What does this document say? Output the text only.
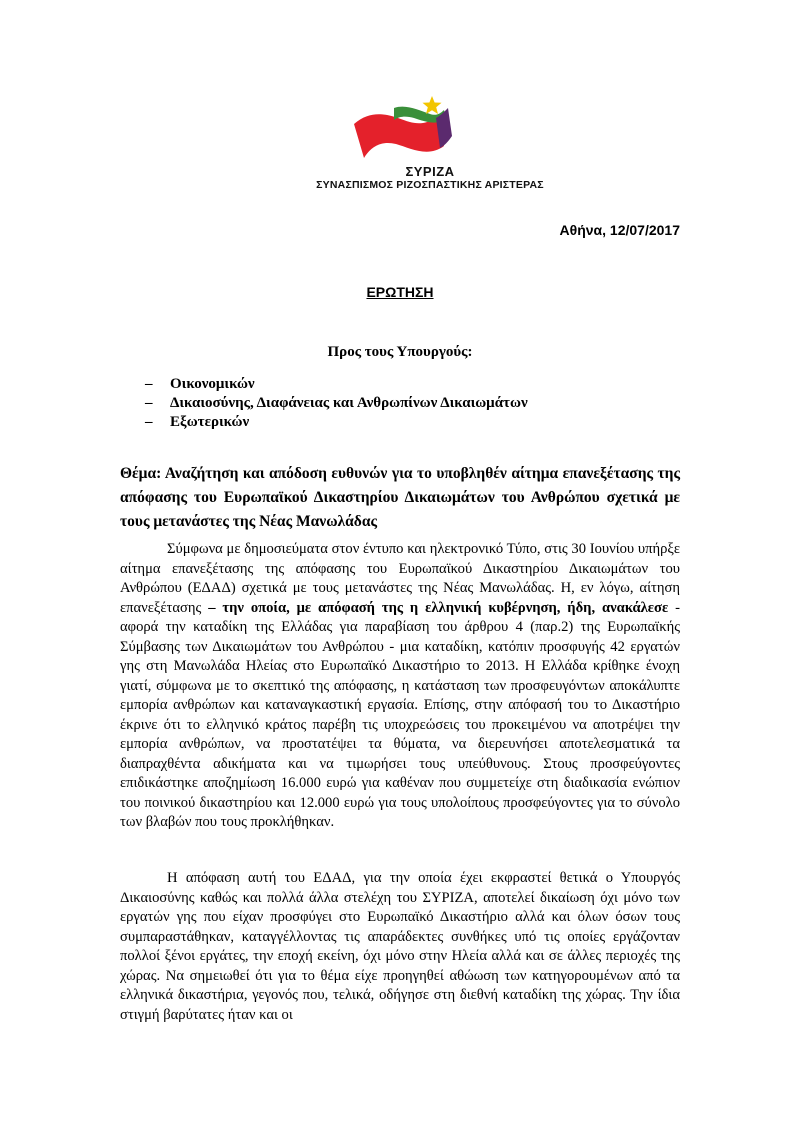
ΣΥΡΙΖΑ
ΣΥΝΑΣΠΙΣΜΟΣ ΡΙΖΟΣΠΑΣΤΙΚΗΣ ΑΡΙΣΤΕΡΑΣ
Αθήνα, 12/07/2017
ΕΡΩΤΗΣΗ
Προς τους Υπουργούς:
– Οικονομικών
– Δικαιοσύνης, Διαφάνειας και Ανθρωπίνων Δικαιωμάτων
– Εξωτερικών

Θέμα: Αναζήτηση και απόδοση ευθυνών για το υποβληθέν αίτημα επανεξέτασης της απόφασης του Ευρωπαϊκού Δικαστηρίου Δικαιωμάτων του Ανθρώπου σχετικά με τους μετανάστες της Νέας Μανωλάδας

Σύμφωνα με δημοσιεύματα στον έντυπο και ηλεκτρονικό Τύπο, στις 30 Ιουνίου υπήρξε αίτημα επανεξέτασης της απόφασης του Ευρωπαϊκού Δικαστηρίου Δικαιωμάτων του Ανθρώπου (ΕΔΑΔ) σχετικά με τους μετανάστες της Νέας Μανωλάδας. Η, εν λόγω, αίτηση επανεξέτασης – την οποία, με απόφασή της η ελληνική κυβέρνηση, ήδη, ανακάλεσε - αφορά την καταδίκη της Ελλάδας για παραβίαση του άρθρου 4 (παρ.2) της Ευρωπαϊκής Σύμβασης των Δικαιωμάτων του Ανθρώπου - μια καταδίκη, κατόπιν προσφυγής 42 εργατών γης στη Μανωλάδα Ηλείας στο Ευρωπαϊκό Δικαστήριο το 2013. Η Ελλάδα κρίθηκε ένοχη γιατί, σύμφωνα με το σκεπτικό της απόφασης, η κατάσταση των προσφευγόντων αποκάλυπτε εμπορία ανθρώπων και καταναγκαστική εργασία. Επίσης, στην απόφασή του το Δικαστήριο έκρινε ότι το ελληνικό κράτος παρέβη τις υποχρεώσεις του προκειμένου να αποτρέψει την εμπορία ανθρώπων, να προστατέψει τα θύματα, να διερευνήσει αποτελεσματικά τα διαπραχθέντα αδικήματα και να τιμωρήσει τους υπεύθυνους. Στους προσφεύγοντες επιδικάστηκε αποζημίωση 16.000 ευρώ για καθέναν που συμμετείχε στη διαδικασία ενώπιον του ποινικού δικαστηρίου και 12.000 ευρώ για τους υπολοίπους προσφεύγοντες για το σύνολο των βλαβών που τους προκλήθηκαν.

Η απόφαση αυτή του ΕΔΑΔ, για την οποία έχει εκφραστεί θετικά ο Υπουργός Δικαιοσύνης καθώς και πολλά άλλα στελέχη του ΣΥΡΙΖΑ, αποτελεί δικαίωση όχι μόνο των εργατών γης που είχαν προσφύγει στο Ευρωπαϊκό Δικαστήριο αλλά και όλων όσων τους συμπαραστάθηκαν, καταγγέλλοντας τις απαράδεκτες συνθήκες υπό τις οποίες εργάζονταν πολλοί ξένοι εργάτες, την εποχή εκείνη, όχι μόνο στην Ηλεία αλλά και σε άλλες περιοχές της χώρας. Να σημειωθεί ότι για το θέμα είχε προηγηθεί αθώωση των κατηγορουμένων από τα ελληνικά δικαστήρια, γεγονός που, τελικά, οδήγησε στη διεθνή καταδίκη της χώρας. Την ίδια στιγμή βαρύτατες ήταν και οι
